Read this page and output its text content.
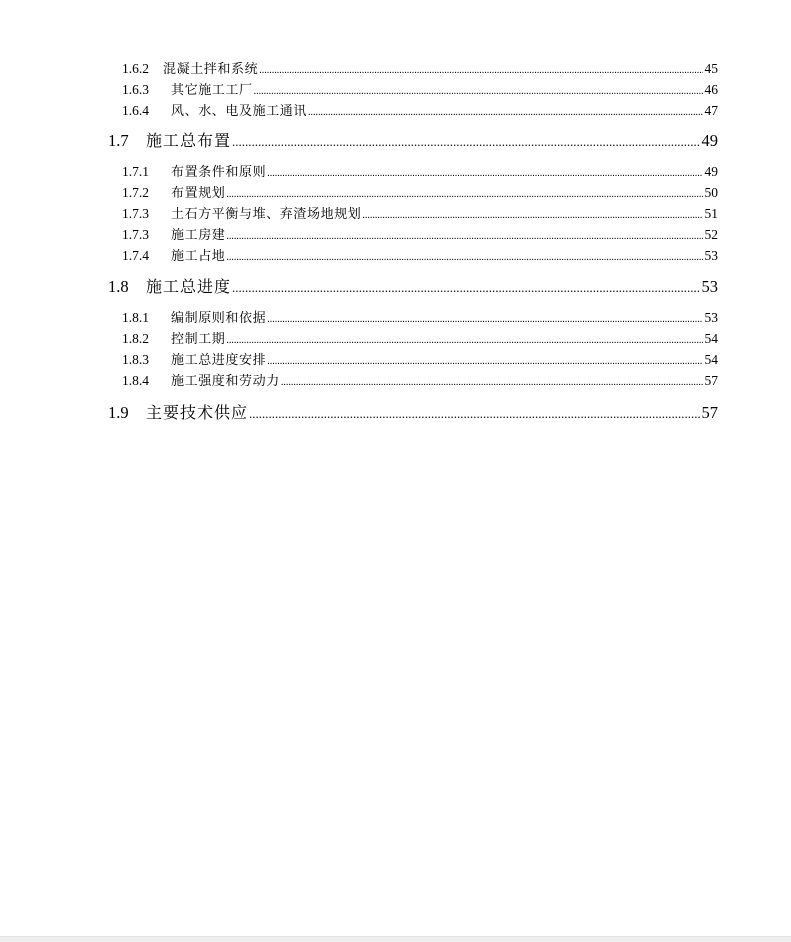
1.6.2	混凝土拌和系统 .....	45
1.6.3	其它施工工厂 .....	46
1.6.4	风、水、电及施工通讯 .....	47
1.7	施工总布置 .....	49
1.7.1	布置条件和原则 .....	49
1.7.2	布置规划 .....	50
1.7.3	土石方平衡与堆、弃渣场地规划 .....	51
1.7.3	施工房建 .....	52
1.7.4	施工占地 .....	53
1.8	施工总进度 .....	53
1.8.1	编制原则和依据 .....	53
1.8.2	控制工期 .....	54
1.8.3	施工总进度安排 .....	54
1.8.4	施工强度和劳动力 .....	57
1.9	主要技术供应 .....	57
